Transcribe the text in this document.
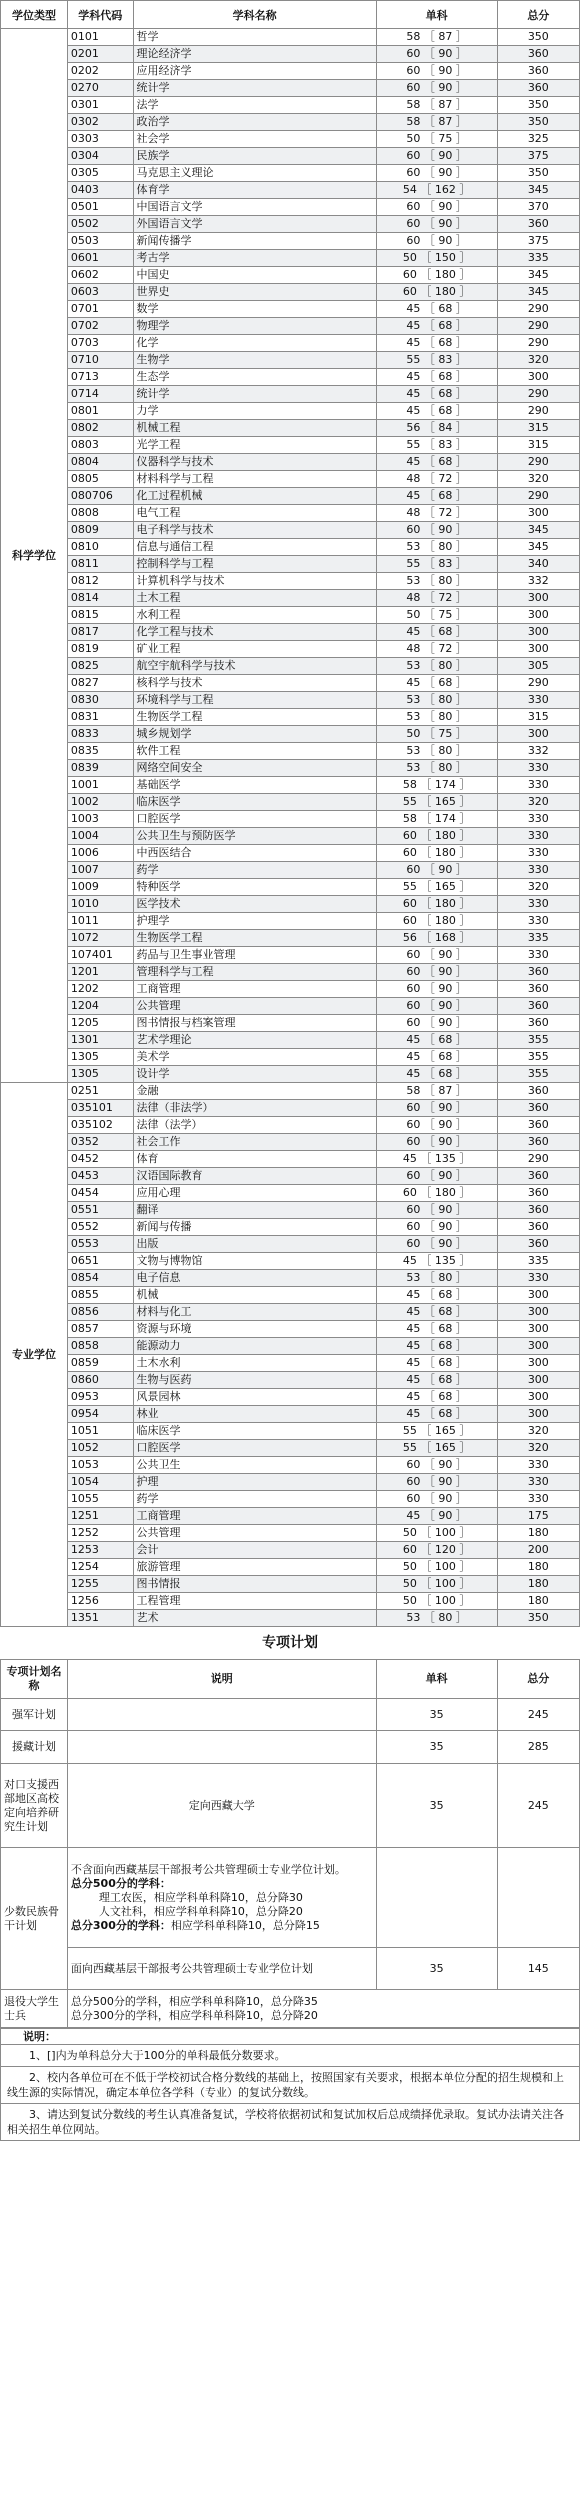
学位类型	学科代码	学科名称	单科	总分
科学学位	0101	哲学	58 ［ 87 ］	350
	0201	理论经济学	60 ［ 90 ］	360
	0202	应用经济学	60 ［ 90 ］	360
	0270	统计学	60 ［ 90 ］	360
	0301	法学	58 ［ 87 ］	350
	0302	政治学	58 ［ 87 ］	350
	0303	社会学	50 ［ 75 ］	325
	0304	民族学	60 ［ 90 ］	375
	0305	马克思主义理论	60 ［ 90 ］	350
	0403	体育学	54 ［ 162 ］	345
	0501	中国语言文学	60 ［ 90 ］	370
	0502	外国语言文学	60 ［ 90 ］	360
	0503	新闻传播学	60 ［ 90 ］	375
	0601	考古学	50 ［ 150 ］	335
	0602	中国史	60 ［ 180 ］	345
	0603	世界史	60 ［ 180 ］	345
	0701	数学	45 ［ 68 ］	290
	0702	物理学	45 ［ 68 ］	290
	0703	化学	45 ［ 68 ］	290
	0710	生物学	55 ［ 83 ］	320
	0713	生态学	45 ［ 68 ］	300
	0714	统计学	45 ［ 68 ］	290
	0801	力学	45 ［ 68 ］	290
	0802	机械工程	56 ［ 84 ］	315
	0803	光学工程	55 ［ 83 ］	315
	0804	仪器科学与技术	45 ［ 68 ］	290
	0805	材料科学与工程	48 ［ 72 ］	320
	080706	化工过程机械	45 ［ 68 ］	290
	0808	电气工程	48 ［ 72 ］	300
	0809	电子科学与技术	60 ［ 90 ］	345
	0810	信息与通信工程	53 ［ 80 ］	345
	0811	控制科学与工程	55 ［ 83 ］	340
	0812	计算机科学与技术	53 ［ 80 ］	332
	0814	土木工程	48 ［ 72 ］	300
	0815	水利工程	50 ［ 75 ］	300
	0817	化学工程与技术	45 ［ 68 ］	300
	0819	矿业工程	48 ［ 72 ］	300
	0825	航空宇航科学与技术	53 ［ 80 ］	305
	0827	核科学与技术	45 ［ 68 ］	290
	0830	环境科学与工程	53 ［ 80 ］	330
	0831	生物医学工程	53 ［ 80 ］	315
	0833	城乡规划学	50 ［ 75 ］	300
	0835	软件工程	53 ［ 80 ］	332
	0839	网络空间安全	53 ［ 80 ］	330
	1001	基础医学	58 ［ 174 ］	330
	1002	临床医学	55 ［ 165 ］	320
	1003	口腔医学	58 ［ 174 ］	330
	1004	公共卫生与预防医学	60 ［ 180 ］	330
	1006	中西医结合	60 ［ 180 ］	330
	1007	药学	60 ［ 90 ］	330
	1009	特种医学	55 ［ 165 ］	320
	1010	医学技术	60 ［ 180 ］	330
	1011	护理学	60 ［ 180 ］	330
	1072	生物医学工程	56 ［ 168 ］	335
	107401	药品与卫生事业管理	60 ［ 90 ］	330
	1201	管理科学与工程	60 ［ 90 ］	360
	1202	工商管理	60 ［ 90 ］	360
	1204	公共管理	60 ［ 90 ］	360
	1205	图书情报与档案管理	60 ［ 90 ］	360
	1301	艺术学理论	45 ［ 68 ］	355
	1305	美术学	45 ［ 68 ］	355
	1305	设计学	45 ［ 68 ］	355
专业学位	0251	金融	58 ［ 87 ］	360
	035101	法律（非法学）	60 ［ 90 ］	360
	035102	法律（法学）	60 ［ 90 ］	360
	0352	社会工作	60 ［ 90 ］	360
	0452	体育	45 ［ 135 ］	290
	0453	汉语国际教育	60 ［ 90 ］	360
	0454	应用心理	60 ［ 180 ］	360
	0551	翻译	60 ［ 90 ］	360
	0552	新闻与传播	60 ［ 90 ］	360
	0553	出版	60 ［ 90 ］	360
	0651	文物与博物馆	45 ［ 135 ］	335
	0854	电子信息	53 ［ 80 ］	330
	0855	机械	45 ［ 68 ］	300
	0856	材料与化工	45 ［ 68 ］	300
	0857	资源与环境	45 ［ 68 ］	300
	0858	能源动力	45 ［ 68 ］	300
	0859	土木水利	45 ［ 68 ］	300
	0860	生物与医药	45 ［ 68 ］	300
	0953	风景园林	45 ［ 68 ］	300
	0954	林业	45 ［ 68 ］	300
	1051	临床医学	55 ［ 165 ］	320
	1052	口腔医学	55 ［ 165 ］	320
	1053	公共卫生	60 ［ 90 ］	330
	1054	护理	60 ［ 90 ］	330
	1055	药学	60 ［ 90 ］	330
	1251	工商管理	45 ［ 90 ］	175
	1252	公共管理	50 ［ 100 ］	180
	1253	会计	60 ［ 120 ］	200
	1254	旅游管理	50 ［ 100 ］	180
	1255	图书情报	50 ［ 100 ］	180
	1256	工程管理	50 ［ 100 ］	180
	1351	艺术	53 ［ 80 ］	350
专项计划
专项计划名称	说明	单科	总分
强军计划		35	245
援藏计划		35	285
对口支援西部地区高校定向培养研究生计划	定向西藏大学	35	245
少数民族骨干计划	不含面向西藏基层干部报考公共管理硕士专业学位计划。
总分500分的学科：
理工农医，相应学科单科降10，总分降30
人文社科，相应学科单科降10，总分降20
总分300分的学科：相应学科单科降10，总分降15		

	面向西藏基层干部报考公共管理硕士专业学位计划	35	145
退役大学生士兵	总分500分的学科，相应学科单科降10，总分降35
总分300分的学科，相应学科单科降10，总分降20		
说明：
1、[]内为单科总分大于100分的单科最低分数要求。
2、校内各单位可在不低于学校初试合格分数线的基础上，按照国家有关要求，根据本单位分配的招生规模和上线生源的实际情况，确定本单位各学科（专业）的复试分数线。
3、请达到复试分数线的考生认真准备复试，学校将依据初试和复试加权后总成绩择优录取。复试办法请关注各相关招生单位网站。
